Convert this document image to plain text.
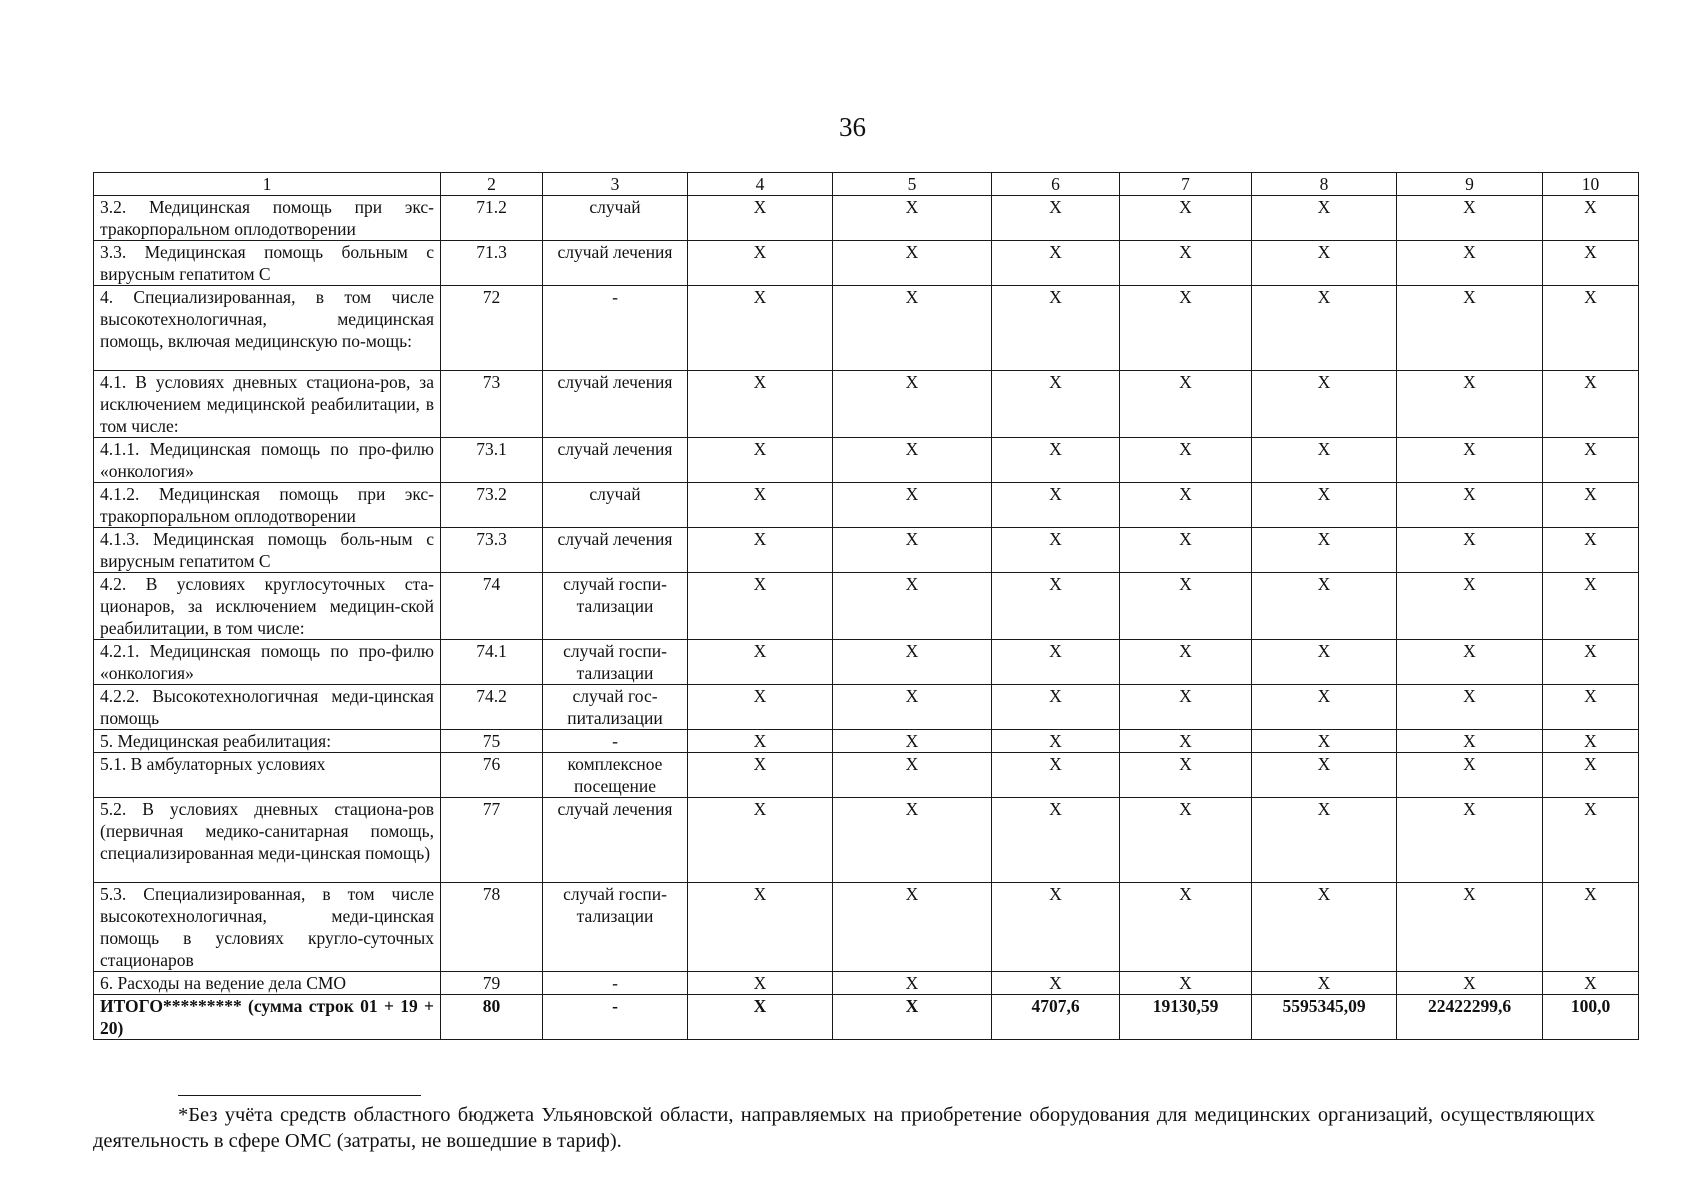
36
1	2	3	4	5	6	7	8	9	10
3.2. Медицинская помощь при экс-тракорпоральном оплодотворении	71.2	случай	Х	Х	Х	Х	Х	Х	Х
3.3. Медицинская помощь больным с вирусным гепатитом С	71.3	случай лечения	Х	Х	Х	Х	Х	Х	Х
4. Специализированная, в том числе высокотехнологичная, медицинская помощь, включая медицинскую по-мощь:	72	-	Х	Х	Х	Х	Х	Х	Х
4.1. В условиях дневных стациона-ров, за исключением медицинской реабилитации, в том числе:	73	случай лечения	Х	Х	Х	Х	Х	Х	Х
4.1.1. Медицинская помощь по про-филю «онкология»	73.1	случай лечения	Х	Х	Х	Х	Х	Х	Х
4.1.2. Медицинская помощь при экс-тракорпоральном оплодотворении	73.2	случай	Х	Х	Х	Х	Х	Х	Х
4.1.3. Медицинская помощь боль-ным с вирусным гепатитом С	73.3	случай лечения	Х	Х	Х	Х	Х	Х	Х
4.2. В условиях круглосуточных ста-ционаров, за исключением медицин-ской реабилитации, в том числе:	74	случай госпи-тализации	Х	Х	Х	Х	Х	Х	Х
4.2.1. Медицинская помощь по про-филю «онкология»	74.1	случай госпи-тализации	Х	Х	Х	Х	Х	Х	Х
4.2.2. Высокотехнологичная меди-цинская помощь	74.2	случай гос-питализации	Х	Х	Х	Х	Х	Х	Х
5. Медицинская реабилитация:	75	-	Х	Х	Х	Х	Х	Х	Х
5.1. В амбулаторных условиях	76	комплексное посещение	Х	Х	Х	Х	Х	Х	Х
5.2. В условиях дневных стациона-ров (первичная медико-санитарная помощь, специализированная меди-цинская помощь)	77	случай лечения	Х	Х	Х	Х	Х	Х	Х
5.3. Специализированная, в том числе высокотехнологичная, меди-цинская помощь в условиях кругло-суточных стационаров	78	случай госпи-тализации	Х	Х	Х	Х	Х	Х	Х
6. Расходы на ведение дела СМО	79	-	Х	Х	Х	Х	Х	Х	Х
ИТОГО********* (сумма строк 01 + 19 + 20)	80	-	Х	Х	4707,6	19130,59	5595345,09	22422299,6	100,0
*Без учёта средств областного бюджета Ульяновской области, направляемых на приобретение оборудования для медицинских организаций, осуществляющих деятельность в сфере ОМС (затраты, не вошедшие в тариф).
